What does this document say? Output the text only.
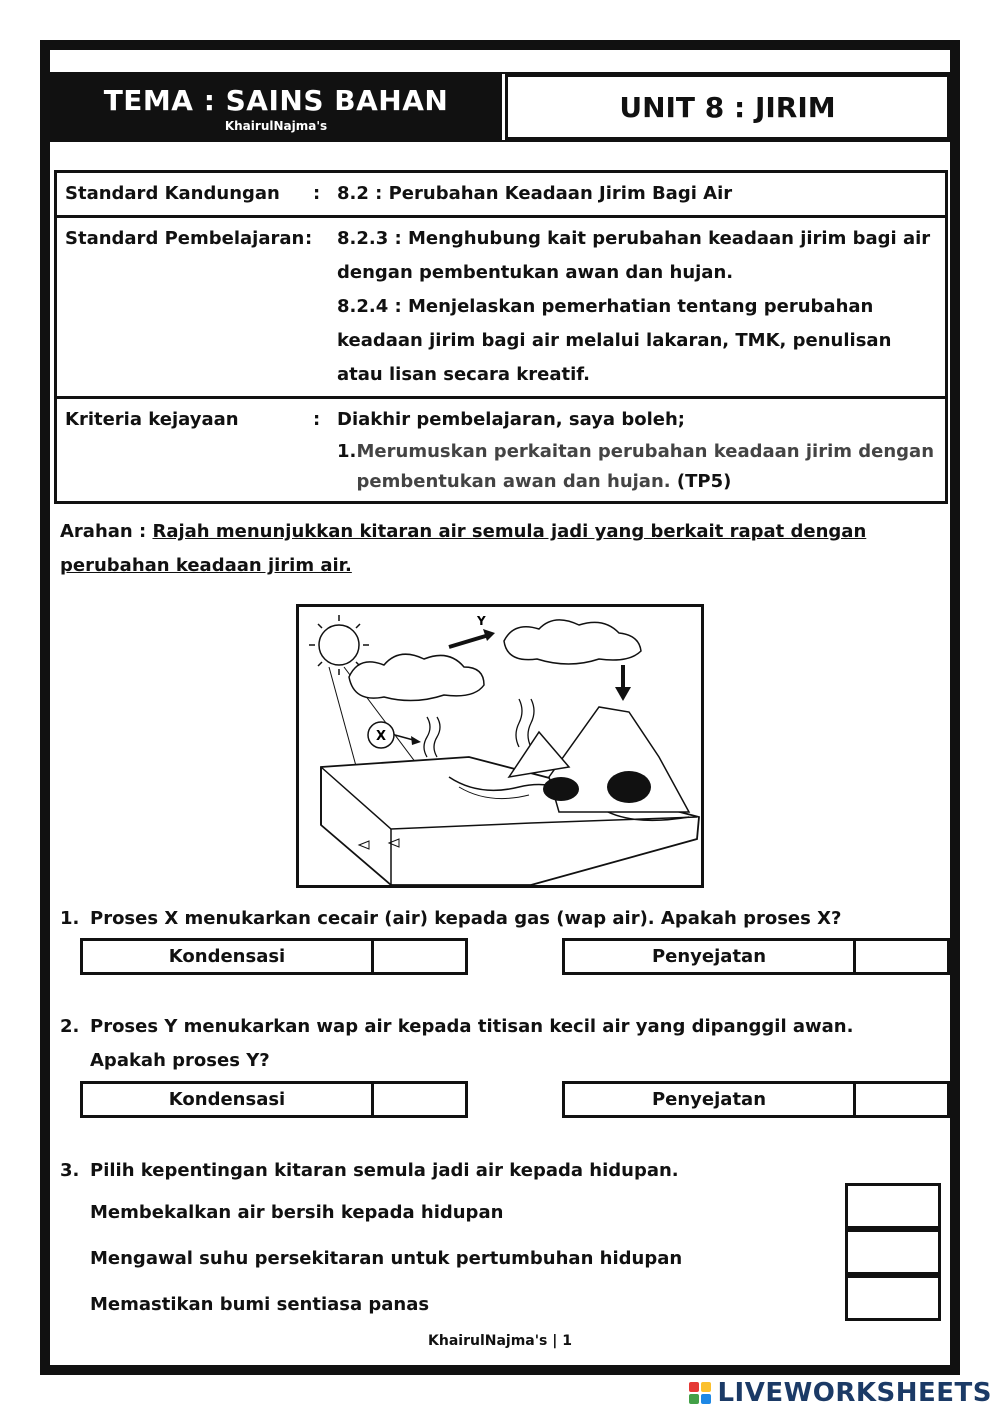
TEMA : SAINS BAHAN
KhairulNajma's
UNIT 8 : JIRIM
Standard Kandungan	: 8.2 : Perubahan Keadaan Jirim Bagi Air
Standard Pembelajaran :	8.2.3 : Menghubung kait perubahan keadaan jirim bagi air dengan pembentukan awan dan hujan.
8.2.4 : Menjelaskan pemerhatian tentang perubahan keadaan jirim bagi air melalui lakaran, TMK, penulisan atau lisan secara kreatif.
Kriteria kejayaan	: Diakhir pembelajaran, saya boleh;
1. Merumuskan perkaitan perubahan keadaan jirim dengan pembentukan awan dan hujan. (TP5)
Arahan : Rajah menunjukkan kitaran air semula jadi yang berkait rapat dengan perubahan keadaan jirim air.
Y
X
1. Proses X menukarkan cecair (air) kepada gas (wap air). Apakah proses X?
Kondensasi	Penyejatan
2. Proses Y menukarkan wap air kepada titisan kecil air yang dipanggil awan.
Apakah proses Y?
Kondensasi	Penyejatan
3. Pilih kepentingan kitaran semula jadi air kepada hidupan.
Membekalkan air bersih kepada hidupan
Mengawal suhu persekitaran untuk pertumbuhan hidupan
Memastikan bumi sentiasa panas
KhairulNajma's | 1
LIVEWORKSHEETS
